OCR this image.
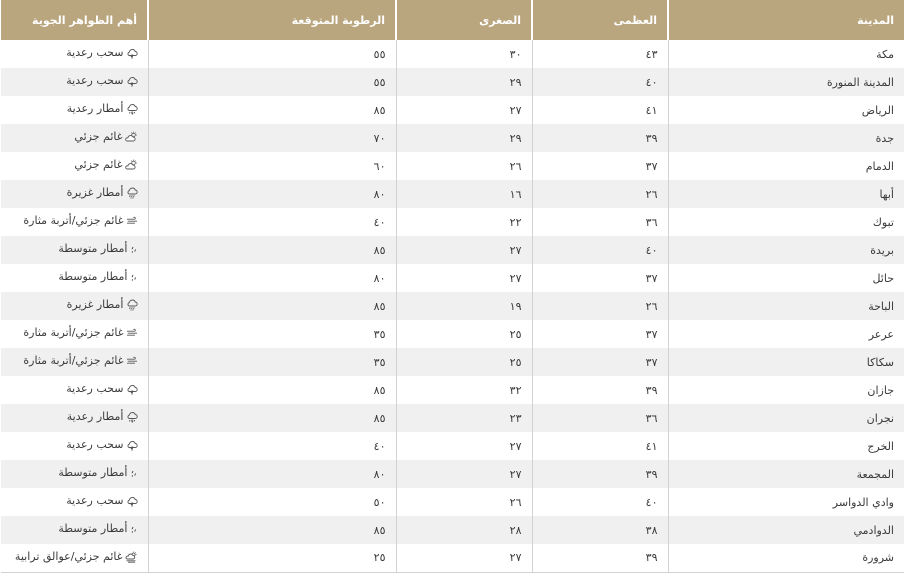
المدينة	العظمى	الصغرى	الرطوبة المتوقعة	أهم الظواهر الجوية
مكة	٤٣	٣٠	٥٥	سحب رعدية

المدينة المنورة	٤٠	٢٩	٥٥	سحب رعدية

الرياض	٤١	٢٧	٨٥	أمطار رعدية

جدة	٣٩	٢٩	٧٠	غائم جزئي

الدمام	٣٧	٢٦	٦٠	غائم جزئي

أبها	٢٦	١٦	٨٠	أمطار غزيرة

تبوك	٣٦	٢٢	٤٠	غائم جزئي/أتربة مثارة

بريدة	٤٠	٢٧	٨٥	أمطار متوسطة

حائل	٣٧	٢٧	٨٠	أمطار متوسطة

الباحة	٢٦	١٩	٨٥	أمطار غزيرة

عرعر	٣٧	٢٥	٣٥	غائم جزئي/أتربة مثارة

سكاكا	٣٧	٢٥	٣٥	غائم جزئي/أتربة مثارة

جازان	٣٩	٣٢	٨٥	سحب رعدية

نجران	٣٦	٢٣	٨٥	أمطار رعدية

الخرج	٤١	٢٧	٤٠	سحب رعدية

المجمعة	٣٩	٢٧	٨٠	أمطار متوسطة

وادي الدواسر	٤٠	٢٦	٥٠	سحب رعدية

الدوادمي	٣٨	٢٨	٨٥	أمطار متوسطة

شرورة	٣٩	٢٧	٢٥	غائم جزئي/عوالق ترابية
